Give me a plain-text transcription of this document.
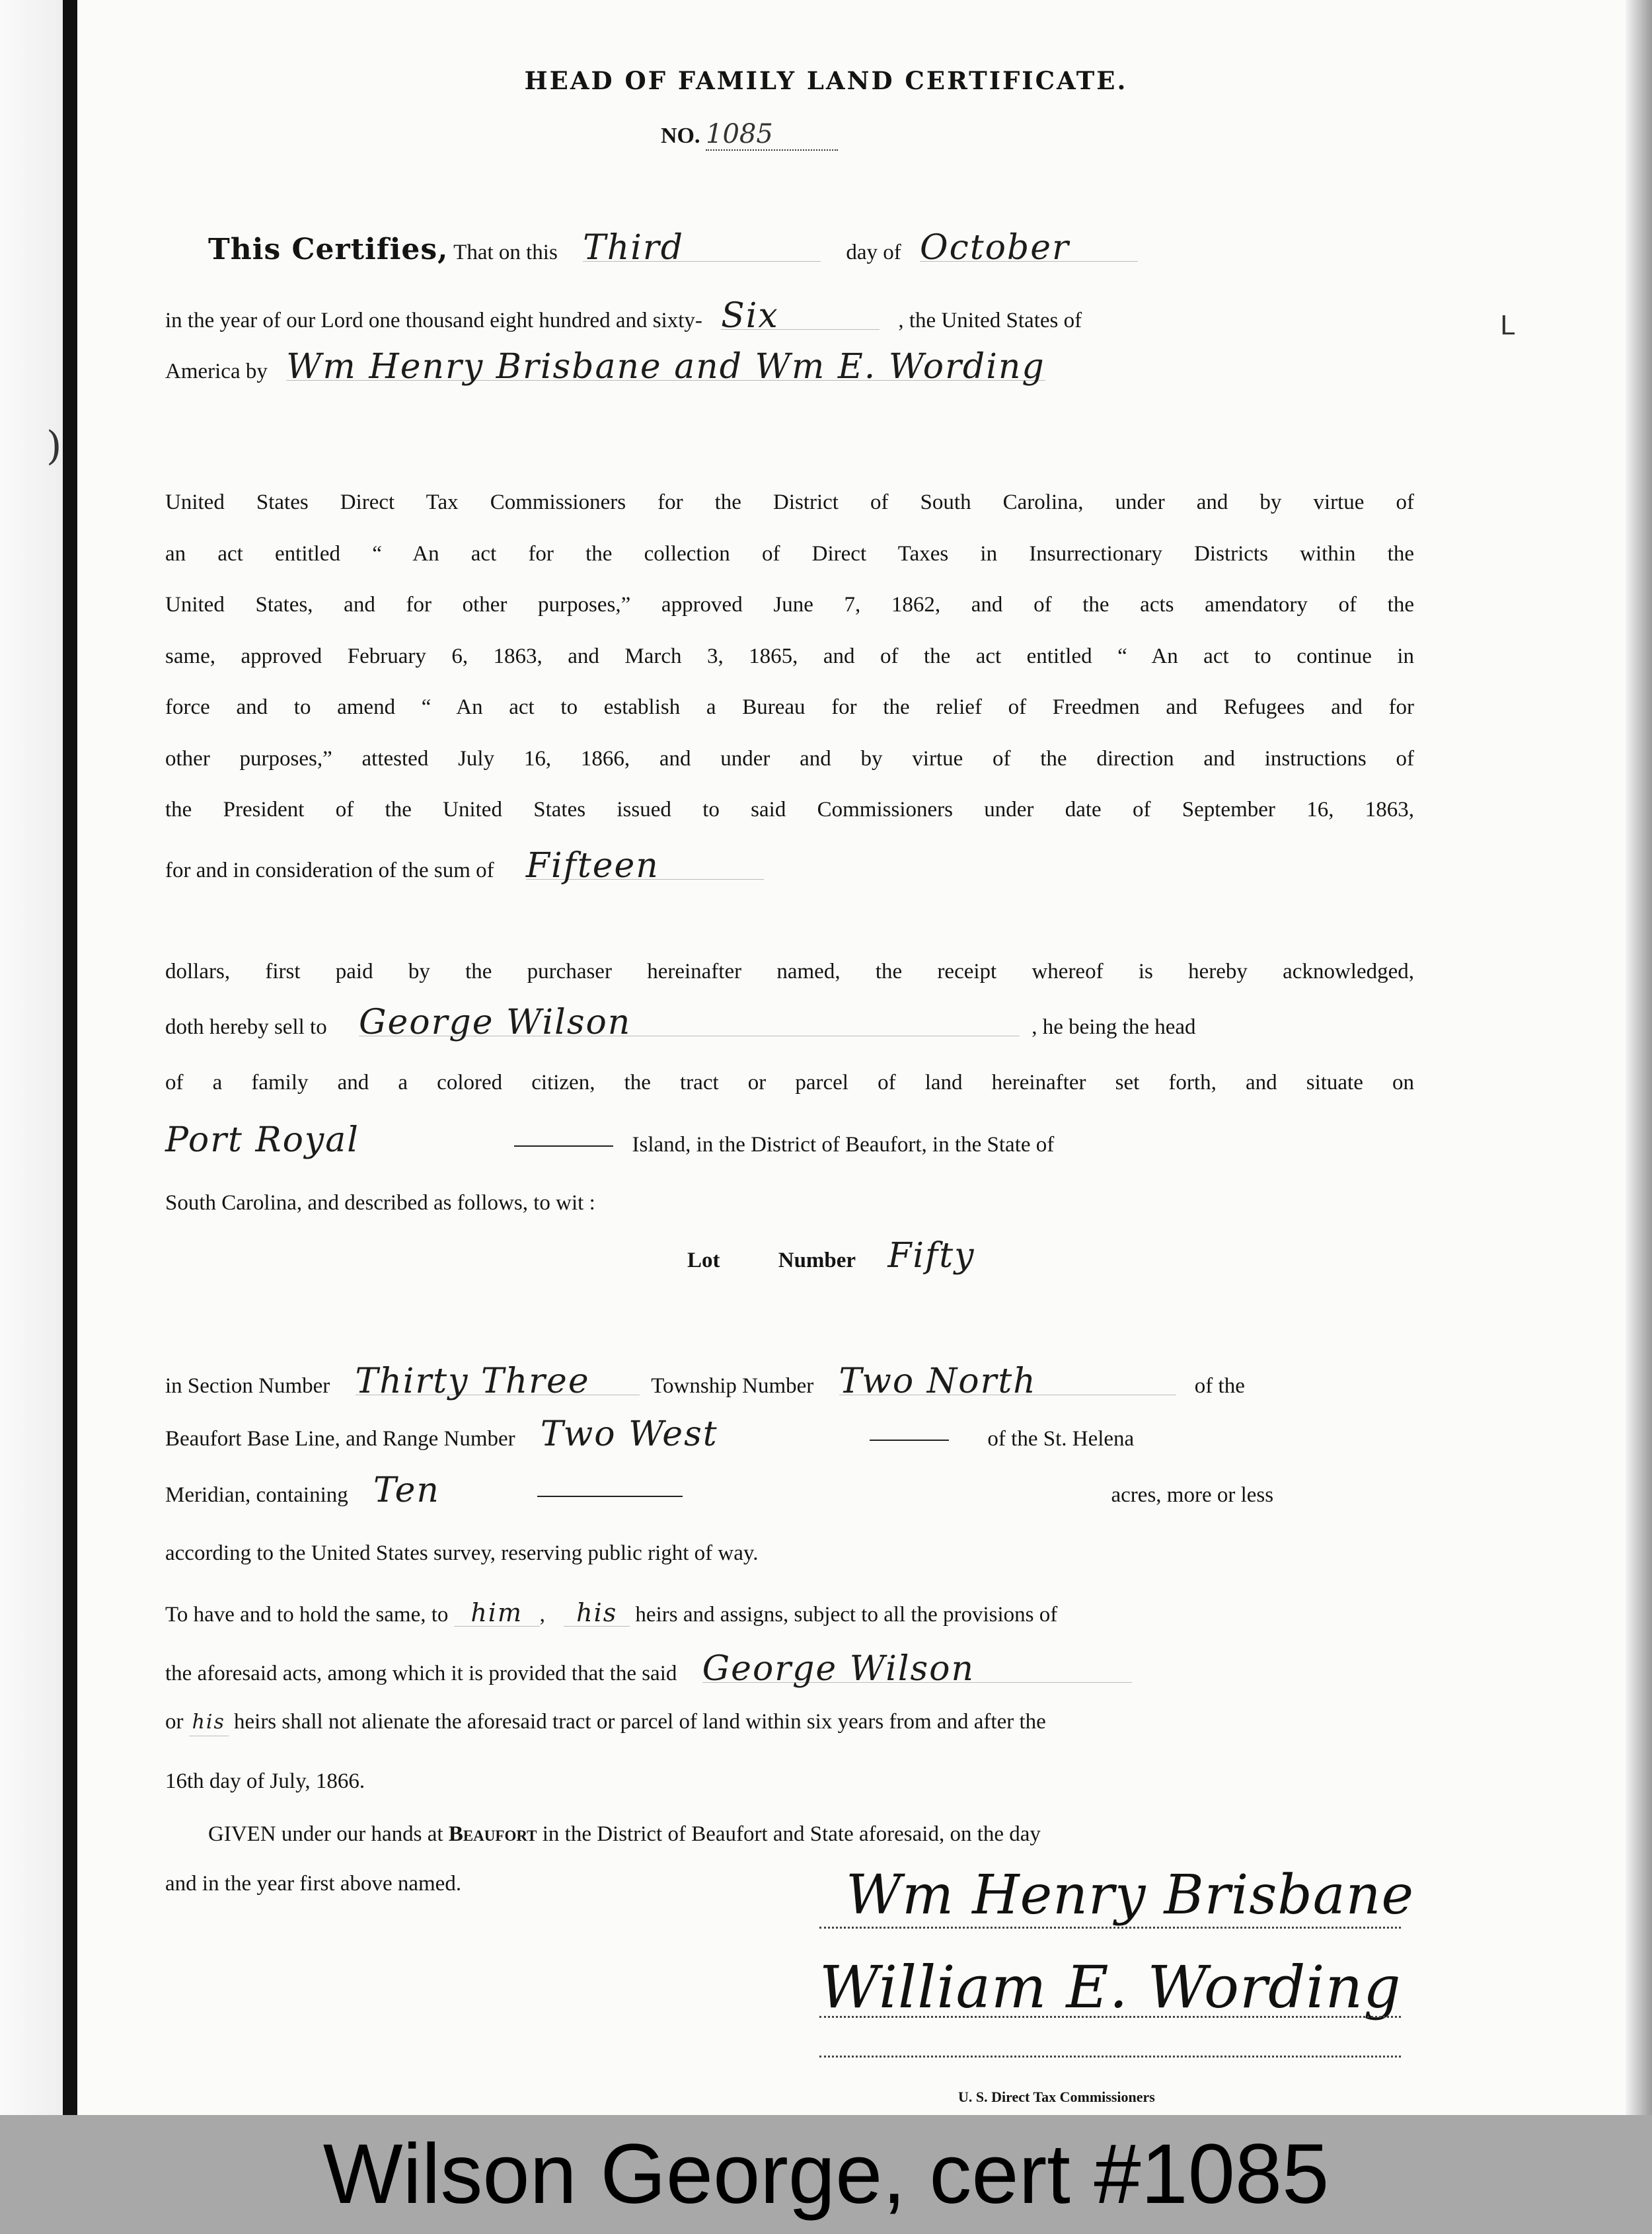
HEAD OF FAMILY LAND CERTIFICATE.
NO. 1085
This Certifies, That on this Third	day of October
in the year of our Lord one thousand eight hundred and sixty- Six	, the United States of
America by Wm Henry Brisbane and Wm E. Wording
United States Direct Tax Commissioners for the District of South Carolina, under and by virtue of
an act entitled “ An act for the collection of Direct Taxes in Insurrectionary Districts within the
United States, and for other purposes,” approved June 7, 1862, and of the acts amendatory of the
same, approved February 6, 1863, and March 3, 1865, and of the act entitled “ An act to continue in
force and to amend “ An act to establish a Bureau for the relief of Freedmen and Refugees and for
other purposes,” attested July 16, 1866, and under and by virtue of the direction and instructions of
the President of the United States issued to said Commissioners under date of September 16, 1863,
for and in consideration of the sum of Fifteen
dollars, first paid by the purchaser hereinafter named, the receipt whereof is hereby acknowledged,
doth hereby sell to George Wilson	, he being the head
of a family and a colored citizen, the tract or parcel of land hereinafter set forth, and situate on
Port Royal	Island, in the District of Beaufort, in the State of
South Carolina, and described as follows, to wit :
Lot	Number Fifty
in Section Number Thirty Three	Township Number Two North	of the
Beaufort Base Line, and Range Number Two West	of the St. Helena
Meridian, containing Ten	acres, more or less
according to the United States survey, reserving public right of way.
To have and to hold the same, to him , his heirs and assigns, subject to all the provisions of
the aforesaid acts, among which it is provided that the said George Wilson
or his heirs shall not alienate the aforesaid tract or parcel of land within six years from and after the
16th day of July, 1866.
GIVEN under our hands at Beaufort in the District of Beaufort and State aforesaid, on the day
and in the year first above named.	Wm Henry Brisbane
William E. Wording
U. S. Direct Tax Commissioners
ᒪ
)
Wilson George, cert #1085
